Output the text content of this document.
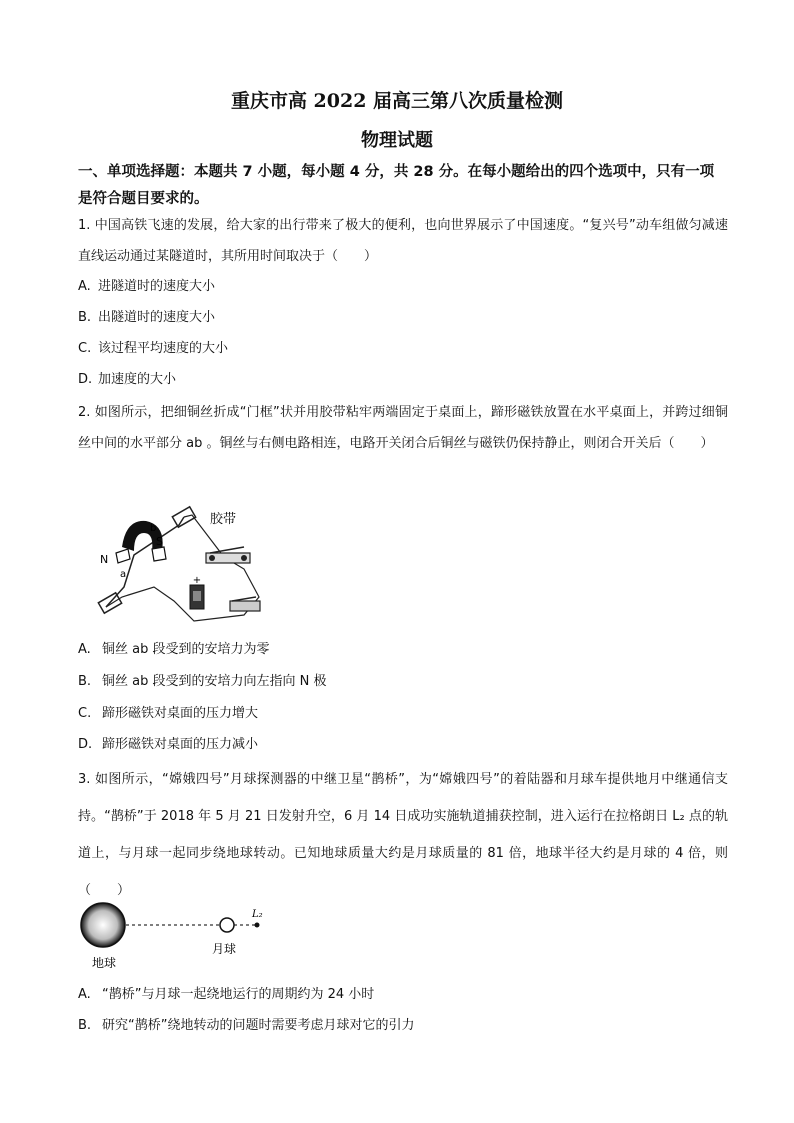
重庆市高 2022 届高三第八次质量检测
物理试题
一、单项选择题：本题共 7 小题，每小题 4 分，共 28 分。在每小题给出的四个选项中，只有一项是符合题目要求的。
1. 中国高铁飞速的发展，给大家的出行带来了极大的便利，也向世界展示了中国速度。“复兴号”动车组做匀减速直线运动通过某隧道时，其所用时间取决于（　　）
A. 进隧道时的速度大小
B. 出隧道时的速度大小
C. 该过程平均速度的大小
D. 加速度的大小
2. 如图所示，把细铜丝折成“门框”状并用胶带粘牢两端固定于桌面上，蹄形磁铁放置在水平桌面上，并跨过细铜丝中间的水平部分 ab 。铜丝与右侧电路相连，电路开关闭合后铜丝与磁铁仍保持静止，则闭合开关后（　　）
+
胶带
N
S
a
b
A. 铜丝 ab 段受到的安培力为零
B. 铜丝 ab 段受到的安培力向左指向 N 极
C. 蹄形磁铁对桌面的压力增大
D. 蹄形磁铁对桌面的压力减小
3. 如图所示，“嫦娥四号”月球探测器的中继卫星“鹊桥”，为“嫦娥四号”的着陆器和月球车提供地月中继通信支持。“鹊桥”于 2018 年 5 月 21 日发射升空，6 月 14 日成功实施轨道捕获控制，进入运行在拉格朗日 L₂ 点的轨道上，与月球一起同步绕地球转动。已知地球质量大约是月球质量的 81 倍，地球半径大约是月球的 4 倍，则（　　）
L₂
月球
地球
A. “鹊桥”与月球一起绕地运行的周期约为 24 小时
B. 研究“鹊桥”绕地转动的问题时需要考虑月球对它的引力
